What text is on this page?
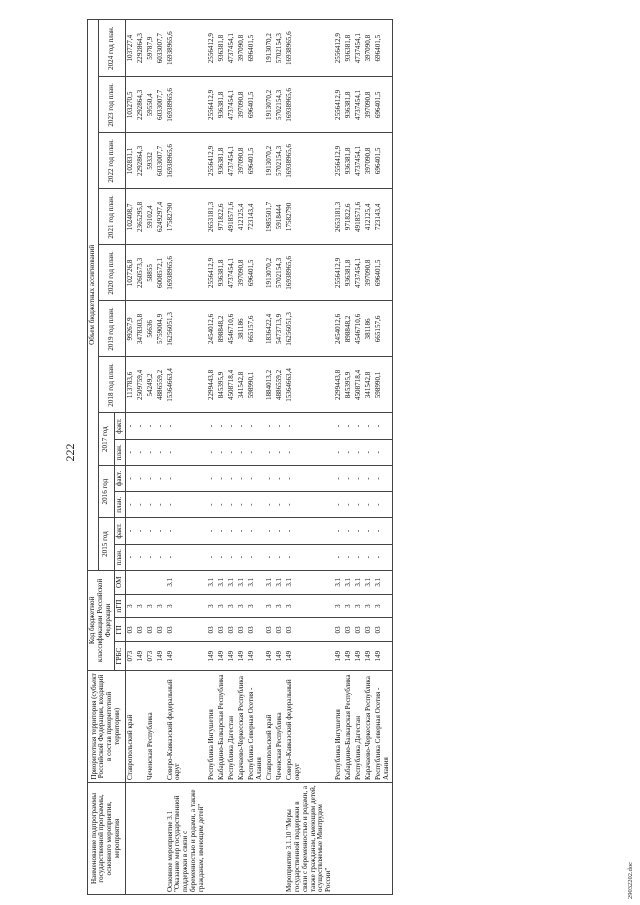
222
Наименование подпрограммы государственной программы, основного мероприятия, мероприятия	Приоритетная территория (субъект Российской Федерации, входящий в состав приоритетной территории)	Код бюджетной классификации Российской Федерации				Объем бюджетных ассигнований												
						2015 год		2016 год		2017 год		2018 год план.	2019 год план.	2020 год план.	2021 год план.	2022 год план.	2023 год план.	2024 год план.
		ГРБС	ГП	пГП	ОМ	план.	факт.	план.	факт.	план.	факт.							
	Ставропольский край	073	03	3		-	-	-	-	-	-	113783,6	99267,9	102726,8	102408,7	102831,1	103270,5	103727,4
		149	03	3		-	-	-	-	-	-	2509759,4	3478303,8	2260573,3	2365295,8	2292864,3	2292864,3	2292864,3
	Чеченская Республика	073	03	3		-	-	-	-	-	-	54249,2	56636	58855	59102,4	59332	59550,4	59787,9
		149	03	3		-	-	-	-	-	-	4886559,2	5759004,9	6008572,1	6249297,4	6033007,7	6033007,7	6033007,7
Основное мероприятие 3.1 "Оказание мер государственной поддержки в связи с беременностью и родами, а также гражданам, имеющим детей"	Северо-Кавказский федеральный округ	149	03	3	3.1	-	-	-	-	-	-	15364663,4	16256051,3	16938965,6	17582790	16938965,6	16938965,6	16938965,6
	Республика Ингушетия	149	03	3	3.1	-	-	-	-	-	-	2299443,8	2454012,6	2556412,9	2653181,3	2556412,9	2556412,9	2556412,9
	Кабардино-Балкарская Республика	149	03	3	3.1	-	-	-	-	-	-	845395,9	898848,2	936381,8	971822,6	936381,8	936381,8	936381,8
	Республика Дагестан	149	03	3	3.1	-	-	-	-	-	-	4508718,4	4546710,6	4737454,1	4918571,6	4737454,1	4737454,1	4737454,1
	Карачаево-Черкесская Республика	149	03	3	3.1	-	-	-	-	-	-	341542,8	381186	397090,8	412125,4	397090,8	397090,8	397090,8
	Республика Северная Осетия - Алания	149	03	3	3.1	-	-	-	-	-	-	598990,1	665157,6	696401,5	723143,4	696401,5	696401,5	696401,5
	Ставропольский край	149	03	3	3.1	-	-	-	-	-	-	1884013,2	1836422,4	1913070,2	1985501,7	1913070,2	1913070,2	1913070,2
	Чеченская Республика	149	03	3	3.1	-	-	-	-	-	-	4886559,2	5473713,9	5702154,3	5918444	5702154,3	5702154,3	5702154,3
Мероприятие 3.1.10 "Меры государственной поддержки в связи с беременностью и родами, а также гражданам, имеющим детей, осуществляемые Минтрудом России"	Северо-Кавказский федеральный округ	149	03	3	3.1	-	-	-	-	-	-	15364663,4	16256051,3	16938965,6	17582790	16938965,6	16938965,6	16938965,6
	Республика Ингушетия	149	03	3	3.1	-	-	-	-	-	-	2299443,8	2454012,6	2556412,9	2653181,3	2556412,9	2556412,9	2556412,9
	Кабардино-Балкарская Республика	149	03	3	3.1	-	-	-	-	-	-	845395,9	898848,2	936381,8	971822,6	936381,8	936381,8	936381,8
	Республика Дагестан	149	03	3	3.1	-	-	-	-	-	-	4508718,4	4546710,6	4737454,1	4918571,6	4737454,1	4737454,1	4737454,1
	Карачаево-Черкесская Республика	149	03	3	3.1	-	-	-	-	-	-	341542,8	381186	397090,8	412125,4	397090,8	397090,8	397090,8
	Республика Северная Осетия - Алания	149	03	3	3.1	-	-	-	-	-	-	598990,1	665157,6	696401,5	723143,4	696401,5	696401,5	696401,5
29032202.doc
